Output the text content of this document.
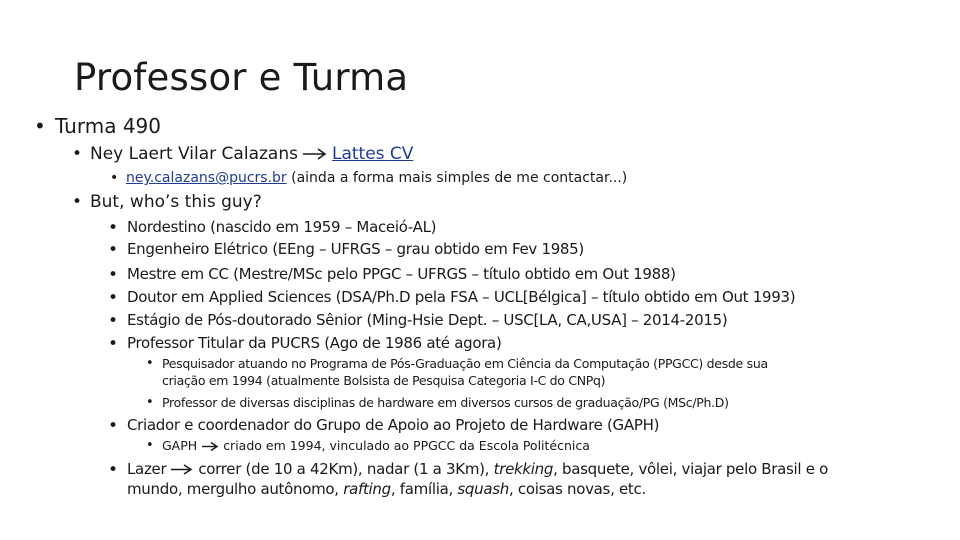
Professor e Turma
• Turma 490
• Ney Laert Vilar Calazans Lattes CV
• ney.calazans@pucrs.br (ainda a forma mais simples de me contactar...)
• But, who’s this guy?
• Nordestino (nascido em 1959 – Maceió-AL)
• Engenheiro Elétrico (EEng – UFRGS – grau obtido em Fev 1985)
• Mestre em CC (Mestre/MSc pelo PPGC – UFRGS – título obtido em Out 1988)
• Doutor em Applied Sciences (DSA/Ph.D pela FSA – UCL[Bélgica] – título obtido em Out 1993)
• Estágio de Pós-doutorado Sênior (Ming-Hsie Dept. – USC[LA, CA,USA] – 2014-2015)
• Professor Titular da PUCRS (Ago de 1986 até agora)
• Pesquisador atuando no Programa de Pós-Graduação em Ciência da Computação (PPGCC) desde sua
criação em 1994 (atualmente Bolsista de Pesquisa Categoria I-C do CNPq)
• Professor de diversas disciplinas de hardware em diversos cursos de graduação/PG (MSc/Ph.D)
• Criador e coordenador do Grupo de Apoio ao Projeto de Hardware (GAPH)
• GAPH criado em 1994, vinculado ao PPGCC da Escola Politécnica
• Lazer correr (de 10 a 42Km), nadar (1 a 3Km), trekking, basquete, vôlei, viajar pelo Brasil e o
mundo, mergulho autônomo, rafting, família, squash, coisas novas, etc.
